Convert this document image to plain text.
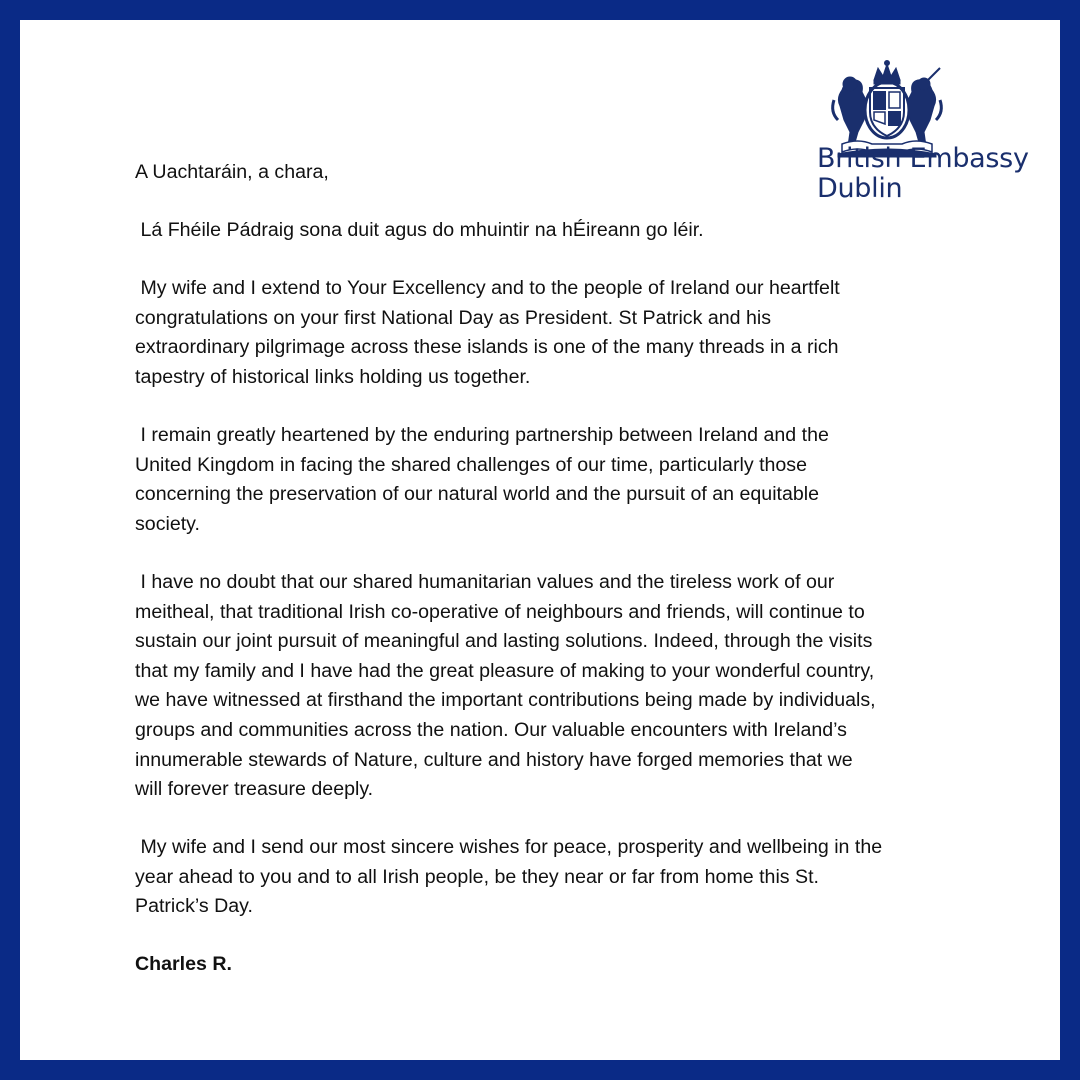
British Embassy
Dublin

A Uachtaráin, a chara,

Lá Fhéile Pádraig sona duit agus do mhuintir na hÉireann go léir.

My wife and I extend to Your Excellency and to the people of Ireland our heartfelt
congratulations on your first National Day as President. St Patrick and his
extraordinary pilgrimage across these islands is one of the many threads in a rich
tapestry of historical links holding us together.

I remain greatly heartened by the enduring partnership between Ireland and the
United Kingdom in facing the shared challenges of our time, particularly those
concerning the preservation of our natural world and the pursuit of an equitable
society.

I have no doubt that our shared humanitarian values and the tireless work of our
meitheal, that traditional Irish co-operative of neighbours and friends, will continue to
sustain our joint pursuit of meaningful and lasting solutions. Indeed, through the visits
that my family and I have had the great pleasure of making to your wonderful country,
we have witnessed at firsthand the important contributions being made by individuals,
groups and communities across the nation. Our valuable encounters with Ireland’s
innumerable stewards of Nature, culture and history have forged memories that we
will forever treasure deeply.

My wife and I send our most sincere wishes for peace, prosperity and wellbeing in the
year ahead to you and to all Irish people, be they near or far from home this St.
Patrick’s Day.

Charles R.
